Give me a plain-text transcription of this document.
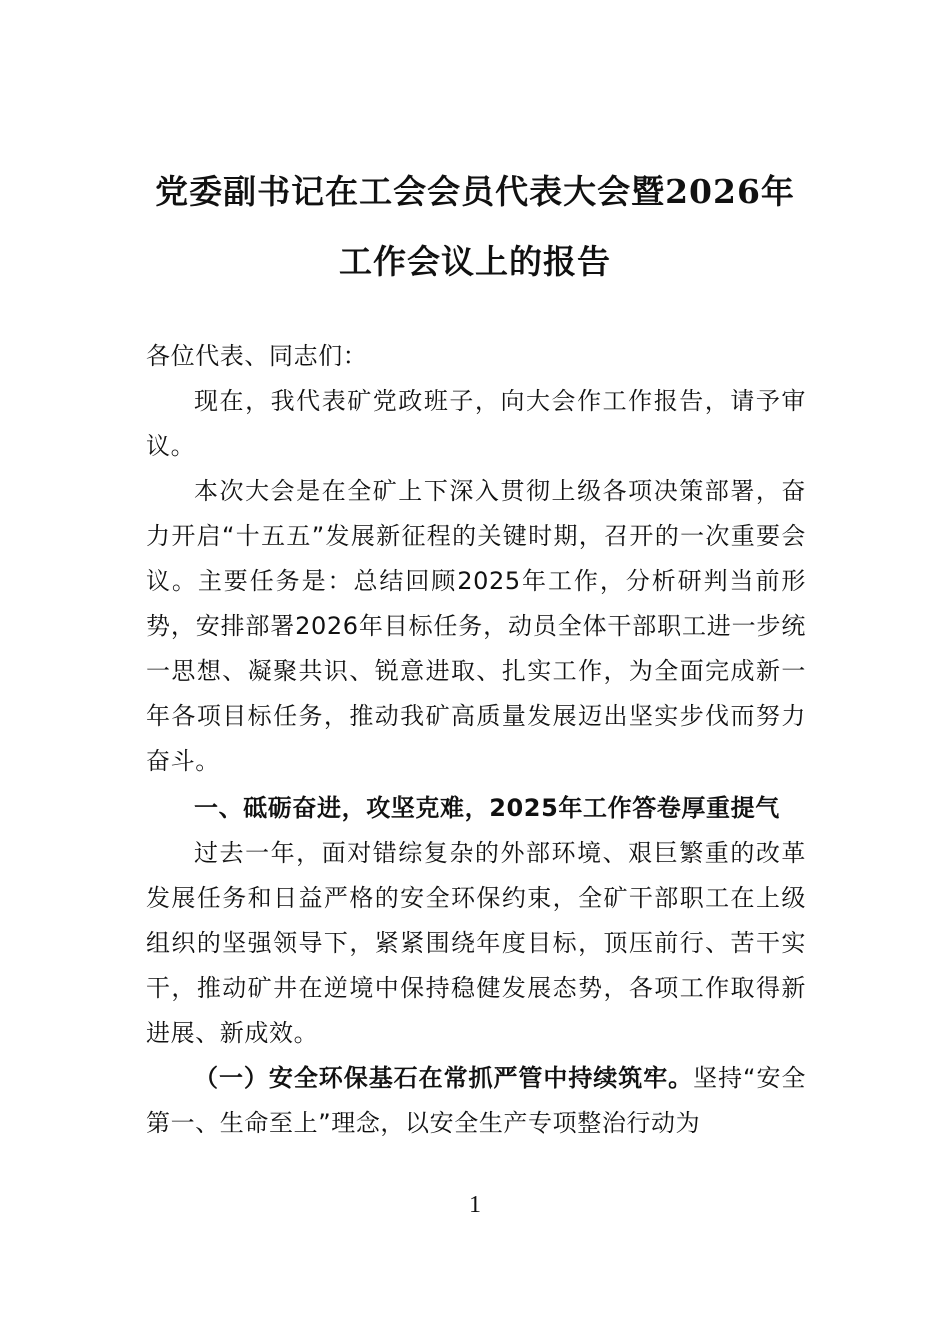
党委副书记在工会会员代表大会暨2026年
工作会议上的报告

各位代表、同志们：

现在，我代表矿党政班子，向大会作工作报告，请予审议。

本次大会是在全矿上下深入贯彻上级各项决策部署，奋力开启“十五五”发展新征程的关键时期，召开的一次重要会议。主要任务是：总结回顾2025年工作，分析研判当前形势，安排部署2026年目标任务，动员全体干部职工进一步统一思想、凝聚共识、锐意进取、扎实工作，为全面完成新一年各项目标任务，推动我矿高质量发展迈出坚实步伐而努力奋斗。

一、砥砺奋进，攻坚克难，2025年工作答卷厚重提气

过去一年，面对错综复杂的外部环境、艰巨繁重的改革发展任务和日益严格的安全环保约束，全矿干部职工在上级组织的坚强领导下，紧紧围绕年度目标，顶压前行、苦干实干，推动矿井在逆境中保持稳健发展态势，各项工作取得新进展、新成效。

（一）安全环保基石在常抓严管中持续筑牢。坚持“安全第一、生命至上”理念，以安全生产专项整治行动为

1
